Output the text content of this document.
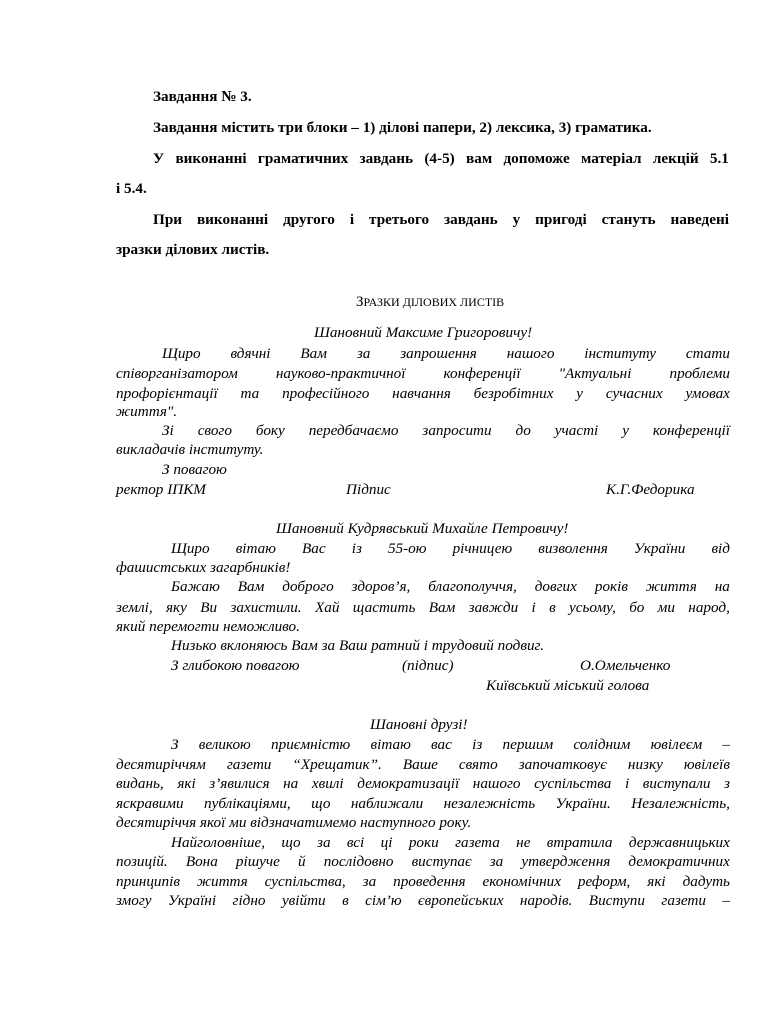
Завдання № 3.
Завдання містить три блоки – 1) ділові папери, 2) лексика, 3) граматика.
У виконанні граматичних завдань (4-5) вам допоможе матеріал лекцій 5.1
і 5.4.
При виконанні другого і третього завдань у пригоді стануть наведені
зразки ділових листів.
ЗРАЗКИ ДІЛОВИХ ЛИСТІВ
Шановний Максиме Григоровичу!
Щиро вдячні Вам за запрошення нашого інституту стати
співорганізатором	науково-практичної	конференції	"Актуальні	проблеми
профорієнтації та професійного навчання безробітних у сучасних умовах
життя".
Зі свого боку передбачаємо запросити до участі у конференції
викладачів інституту.
З повагою
ректор ІПКМ	Підпис	К.Г.Федорика
Шановний Кудрявський Михайле Петровичу!
Щиро вітаю Вас із 55-ою річницею визволення України від
фашистських загарбників!
Бажаю Вам доброго здоров’я, благополуччя, довгих років життя на
землі, яку Ви захистили. Хай щастить Вам завжди і в усьому, бо ми народ,
який перемогти неможливо.
Низько вклоняюсь Вам за Ваш ратний і трудовий подвиг.
З глибокою повагою	(підпис)	О.Омельченко
Київський міський голова
Шановні друзі!
З великою приємністю вітаю вас із першим солідним ювілеєм –
десятиріччям газети “Хрещатик”. Ваше свято започатковує низку ювілеїв
видань, які з’явилися на хвилі демократизації нашого суспільства і виступали з
яскравими публікаціями, що наближали незалежність України. Незалежність,
десятиріччя якої ми відзначатимемо наступного року.
Найголовніше, що за всі ці роки газета не втратила державницьких
позицій. Вона рішуче й послідовно виступає за утвердження демократичних
принципів життя суспільства, за проведення економічних реформ, які дадуть
змогу Україні гідно увійти в сім’ю європейських народів. Виступи газети –
